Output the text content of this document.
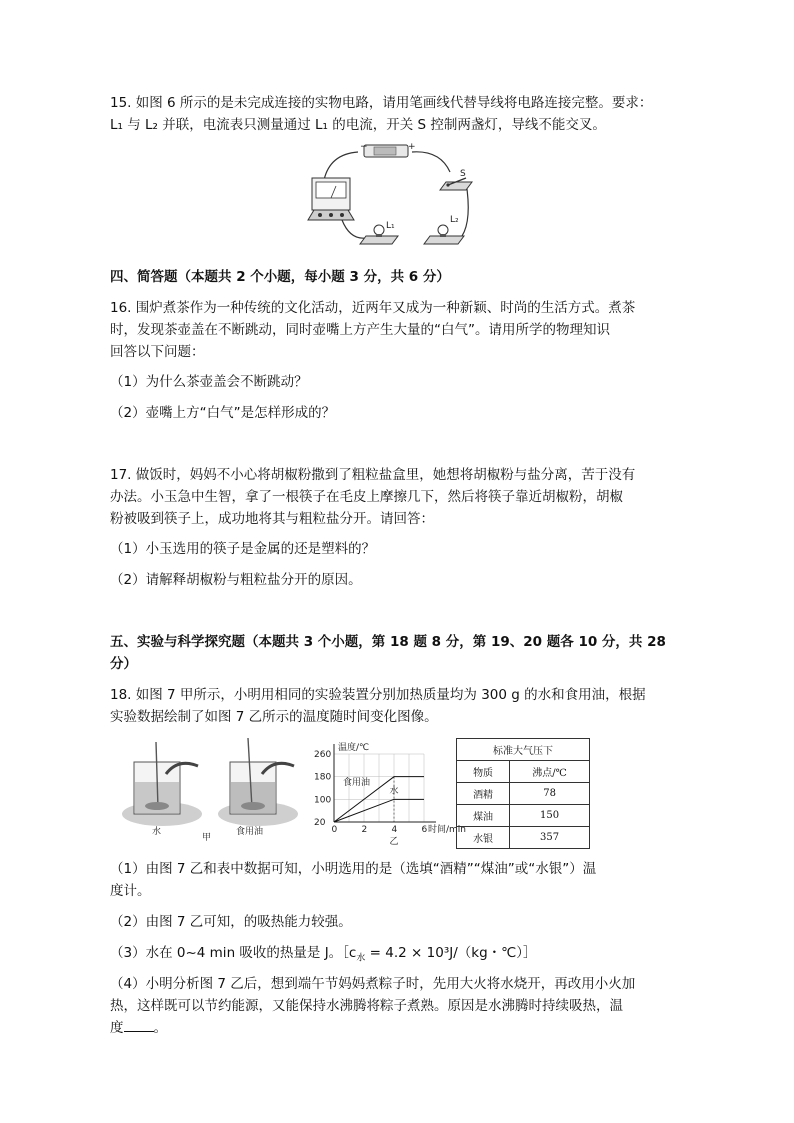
15. 如图 6 所示的是未完成连接的实物电路，请用笔画线代替导线将电路连接完整。要求：

L₁ 与 L₂ 并联，电流表只测量通过 L₁ 的电流，开关 S 控制两盏灯，导线不能交叉。

−	+
S
L₁
L₂

四、简答题（本题共 2 个小题，每小题 3 分，共 6 分）

16. 围炉煮茶作为一种传统的文化活动，近两年又成为一种新颖、时尚的生活方式。煮茶

时，发现茶壶盖在不断跳动，同时壶嘴上方产生大量的“白气”。请用所学的物理知识

回答以下问题：

（1）为什么茶壶盖会不断跳动？

（2）壶嘴上方“白气”是怎样形成的？

17. 做饭时，妈妈不小心将胡椒粉撒到了粗粒盐盒里，她想将胡椒粉与盐分离，苦于没有

办法。小玉急中生智，拿了一根筷子在毛皮上摩擦几下，然后将筷子靠近胡椒粉，胡椒

粉被吸到筷子上，成功地将其与粗粒盐分开。请回答：

（1）小玉选用的筷子是金属的还是塑料的？

（2）请解释胡椒粉与粗粒盐分开的原因。

五、实验与科学探究题（本题共 3 个小题，第 18 题 8 分，第 19、20 题各 10 分，共 28

分）

18. 如图 7 甲所示，小明用相同的实验装置分别加热质量均为 300 g 的水和食用油，根据

实验数据绘制了如图 7 乙所示的温度随时间变化图像。

水	食用油
甲
0	2	4	6
20
100
180
260
温度/℃
时间/min
食用油
水
乙
标准大气压下	
物质	沸点/℃
酒精	78
煤油	150
水银	357

（1）由图 7 乙和表中数据可知，小明选用的是（选填“酒精”“煤油”或“水银”）温

度计。

（2）由图 7 乙可知，的吸热能力较强。

（3）水在 0~4 min 吸收的热量是 J。$[c_水 = 4.2 \times 10^3J/(kg$・℃）］

（4）小明分析图 7 乙后，想到端午节妈妈煮粽子时，先用大火将水烧开，再改用小火加

热，这样既可以节约能源，又能保持水沸腾将粽子煮熟。原因是水沸腾时持续吸热，温

度 。
